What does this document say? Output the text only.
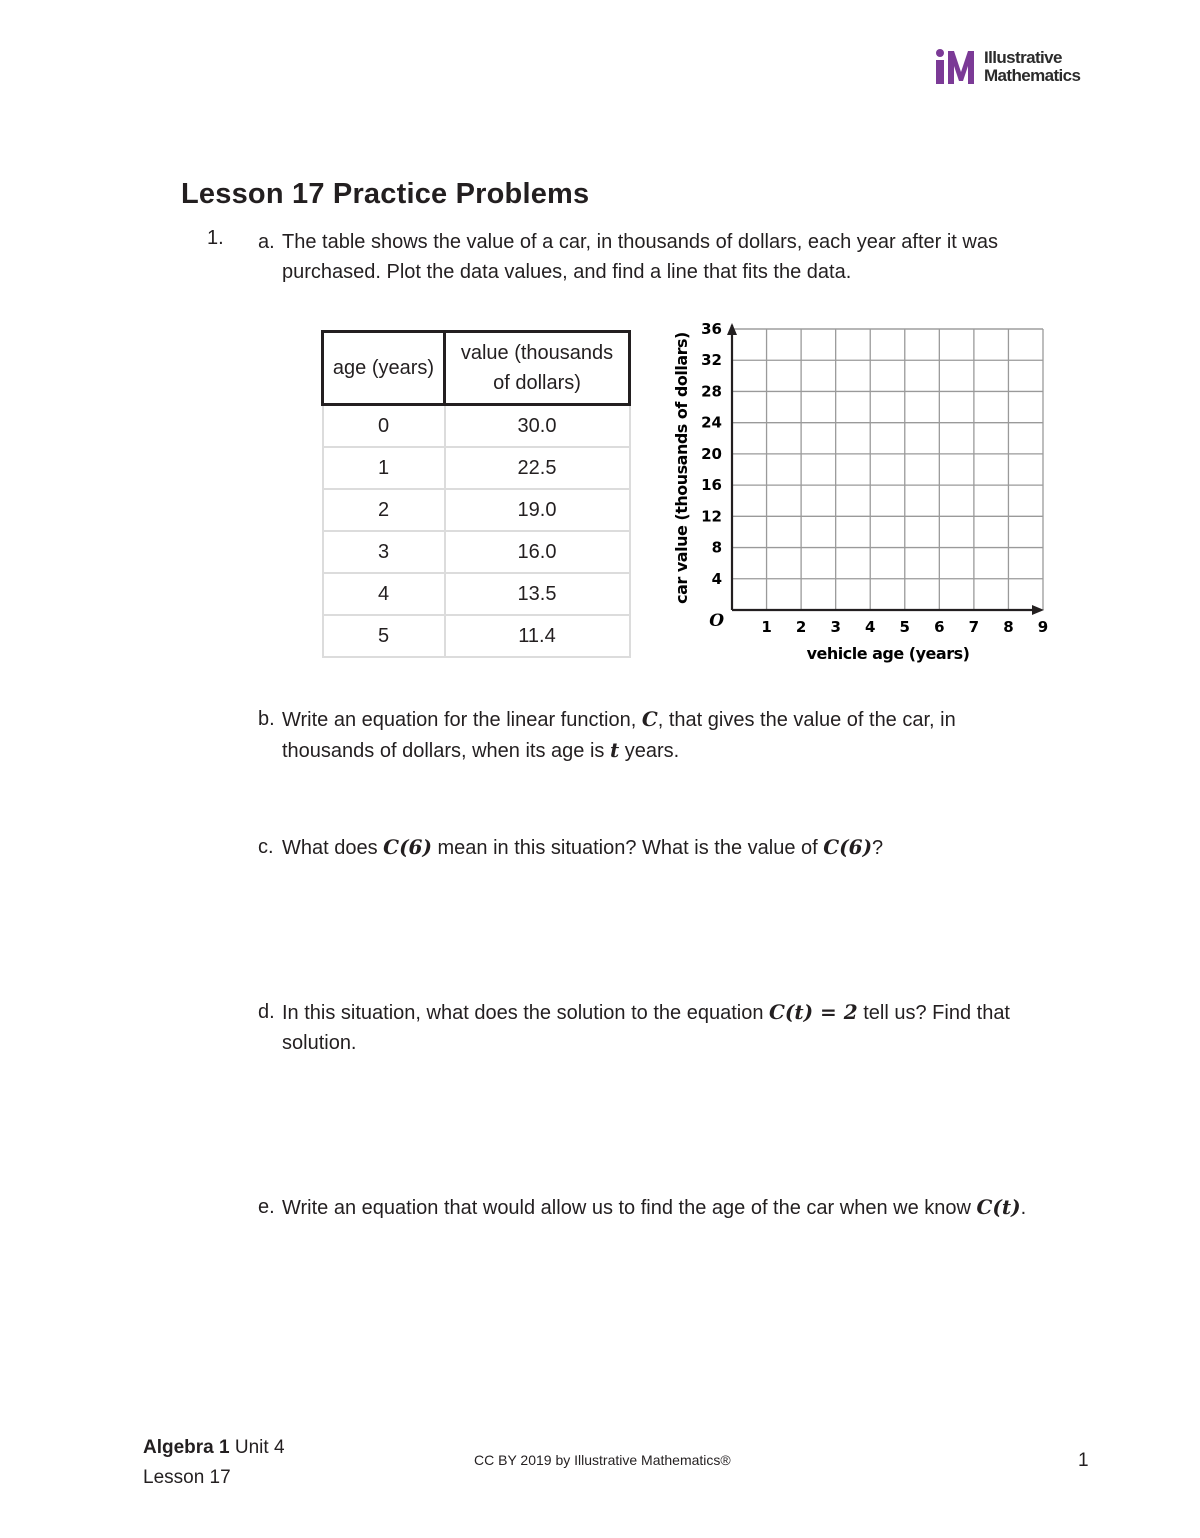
Illustrative
Mathematics
Lesson 17 Practice Problems
1. a. The table shows the value of a car, in thousands of dollars, each year after it was purchased. Plot the data values, and find a line that fits the data.
age (years)	value (thousands of dollars)
0	30.0
1	22.5
2	19.0
3	16.0
4	13.5
5	11.4	1 2 3 4 5 6 7 8 9
4
8
12
16
20
24
28
32
36
O
vehicle age (years)
car value (thousands of dollars)
b. Write an equation for the linear function, C, that gives the value of the car, in thousands of dollars, when its age is t years.
c. What does C(6) mean in this situation? What is the value of C(6)?
d. In this situation, what does the solution to the equation C(t) = 2 tell us? Find that solution.
e. Write an equation that would allow us to find the age of the car when we know C(t).
Algebra 1 Unit 4
Lesson 17
CC BY 2019 by Illustrative Mathematics®	1
